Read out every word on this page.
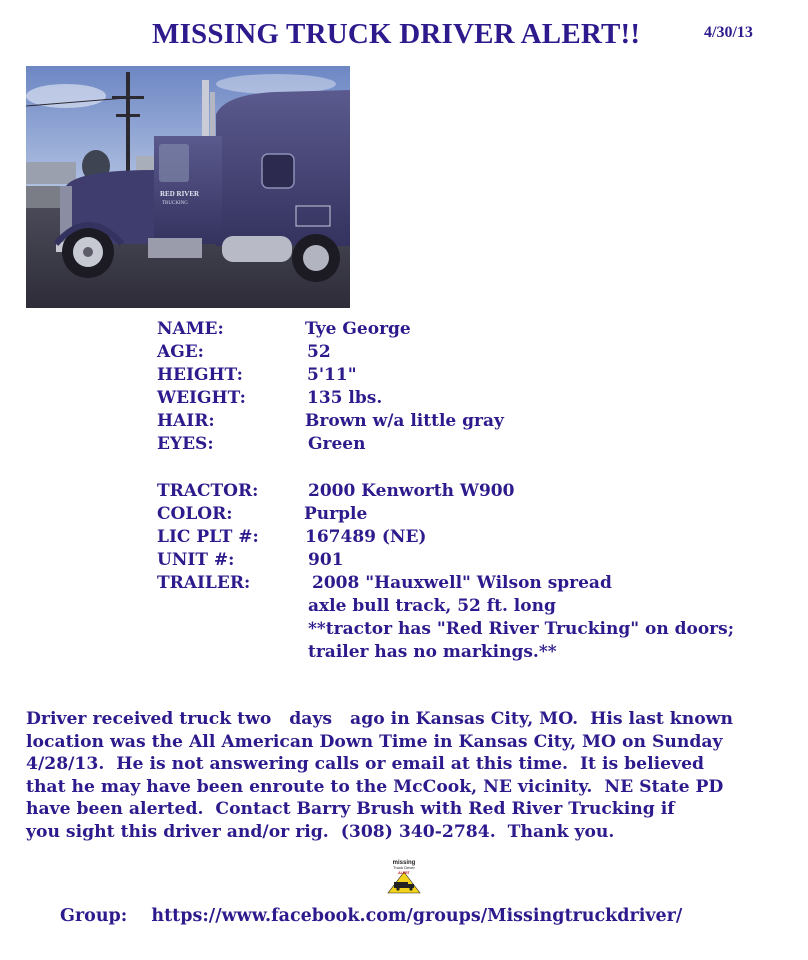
MISSING TRUCK DRIVER ALERT!!	4/30/13
RED RIVER
TRUCKING
NAME:	Tye George
AGE:	52
HEIGHT:	5'11"
WEIGHT:	135 lbs.
HAIR:	Brown w/a little gray
EYES:	Green
TRACTOR:	2000 Kenworth W900
COLOR:	Purple
LIC PLT #:	167489 (NE)
UNIT #:	901
TRAILER:	2008 "Hauxwell" Wilson spread
axle bull track, 52 ft. long
**tractor has "Red River Trucking" on doors;
trailer has no markings.**
Driver received truck two   days   ago in Kansas City, MO.  His last known
location was the All American Down Time in Kansas City, MO on Sunday
4/28/13.  He is not answering calls or email at this time.  It is believed
that he may have been enroute to the McCook, NE vicinity.  NE State PD
have been alerted.  Contact Barry Brush with Red River Trucking if
you sight this driver and/or rig.  (308) 340-2784.  Thank you.
missing
Truck Driver
ALERT
Group: https://www.facebook.com/groups/Missingtruckdriver/
